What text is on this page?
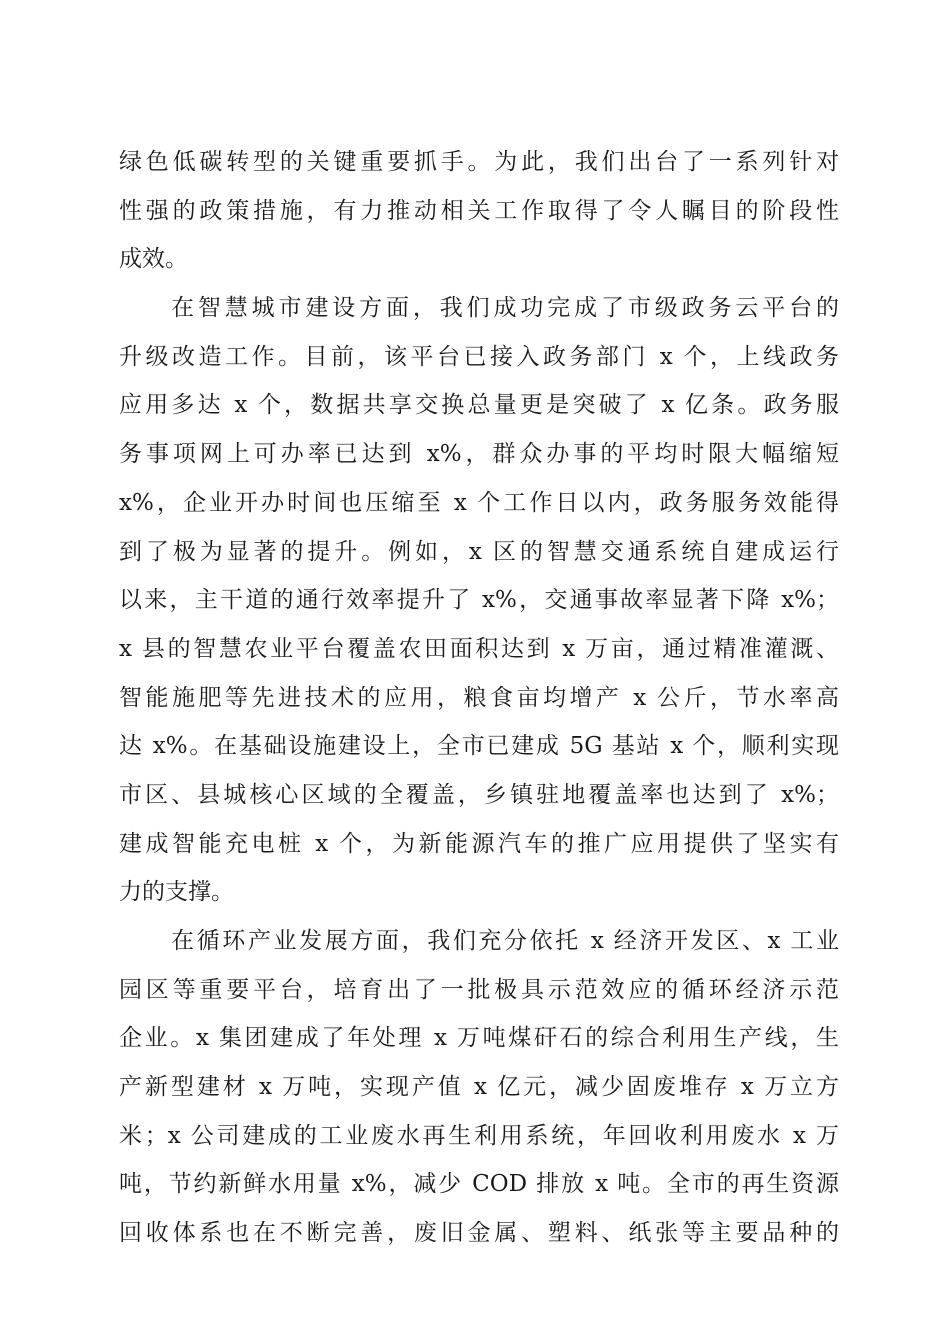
绿色低碳转型的关键重要抓手。为此，我们出台了一系列针对
性强的政策措施，有力推动相关工作取得了令人瞩目的阶段性
成效。
在智慧城市建设方面，我们成功完成了市级政务云平台的
升级改造工作。目前，该平台已接入政务部门 x 个，上线政务
应用多达 x 个，数据共享交换总量更是突破了 x 亿条。政务服
务事项网上可办率已达到 x%，群众办事的平均时限大幅缩短
x%，企业开办时间也压缩至 x 个工作日以内，政务服务效能得
到了极为显著的提升。例如，x 区的智慧交通系统自建成运行
以来，主干道的通行效率提升了 x%，交通事故率显著下降 x%；
x 县的智慧农业平台覆盖农田面积达到 x 万亩，通过精准灌溉、
智能施肥等先进技术的应用，粮食亩均增产 x 公斤，节水率高
达 x%。在基础设施建设上，全市已建成 5G 基站 x 个，顺利实现
市区、县城核心区域的全覆盖，乡镇驻地覆盖率也达到了 x%；
建成智能充电桩 x 个，为新能源汽车的推广应用提供了坚实有
力的支撑。
在循环产业发展方面，我们充分依托 x 经济开发区、x 工业
园区等重要平台，培育出了一批极具示范效应的循环经济示范
企业。x 集团建成了年处理 x 万吨煤矸石的综合利用生产线，生
产新型建材 x 万吨，实现产值 x 亿元，减少固废堆存 x 万立方
米；x 公司建成的工业废水再生利用系统，年回收利用废水 x 万
吨，节约新鲜水用量 x%，减少 COD 排放 x 吨。全市的再生资源
回收体系也在不断完善，废旧金属、塑料、纸张等主要品种的
